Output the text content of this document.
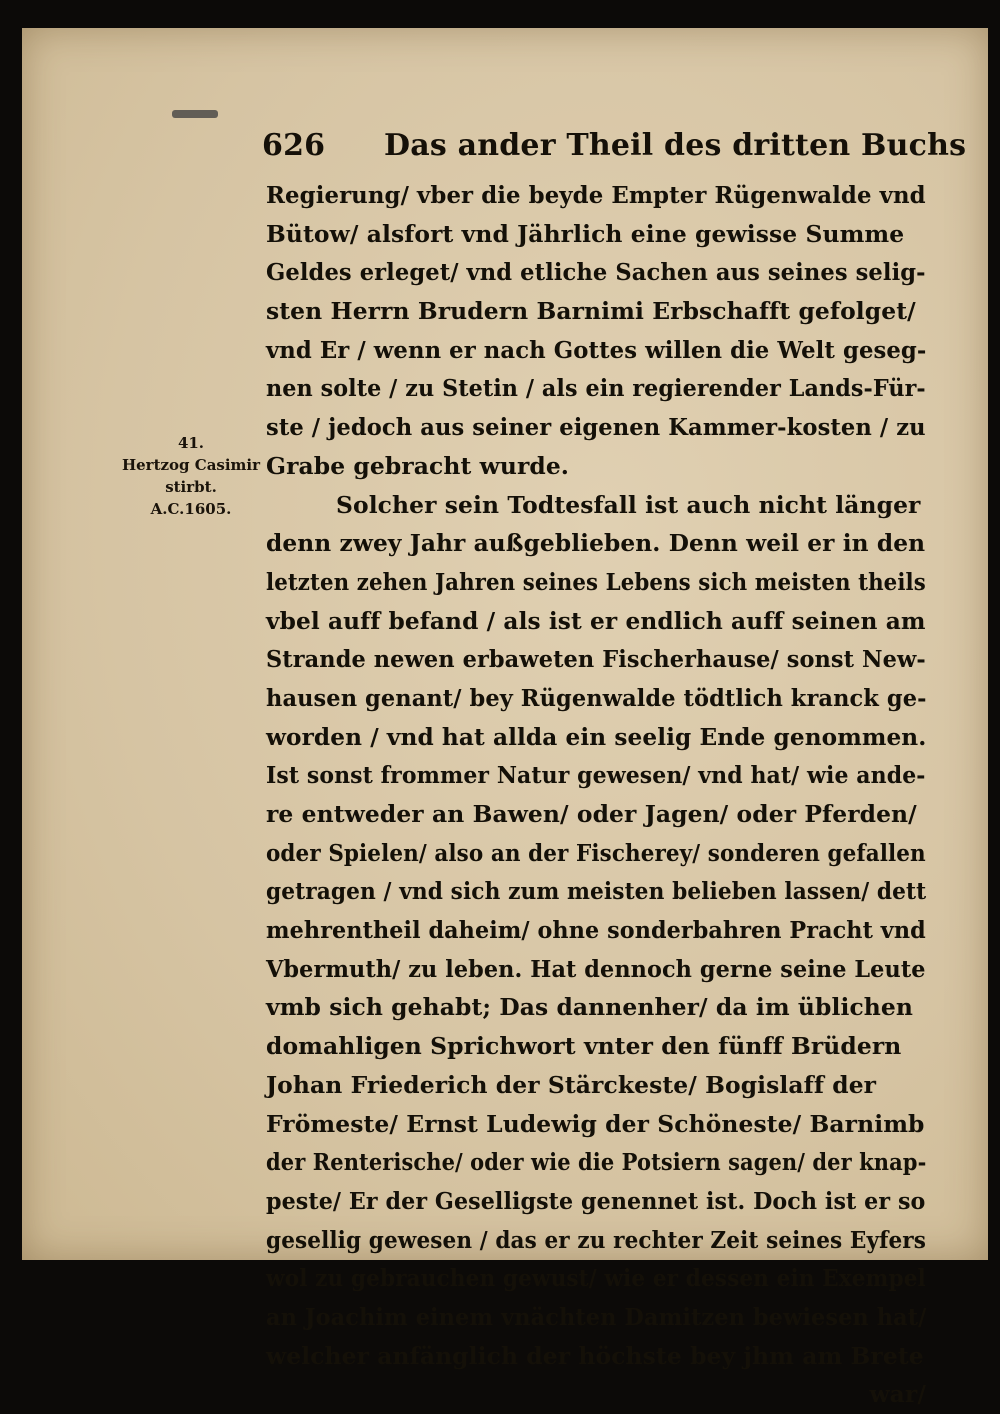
626 Das ander Theil des dritten Buchs
41.
Hertzog Casimir
stirbt.
A.C.1605.
Regierung/ vber die beyde Empter Rügenwalde vnd
Bütow/ alsfort vnd Jährlich eine gewisse Summe
Geldes erleget/ vnd etliche Sachen aus seines selig-
sten Herrn Brudern Barnimi Erbschafft gefolget/
vnd Er / wenn er nach Gottes willen die Welt geseg-
nen solte / zu Stetin / als ein regierender Lands-Für-
ste / jedoch aus seiner eigenen Kammer-kosten / zu
Grabe gebracht wurde.
Solcher sein Todtesfall ist auch nicht länger
denn zwey Jahr außgeblieben. Denn weil er in den
letzten zehen Jahren seines Lebens sich meisten theils
vbel auff befand / als ist er endlich auff seinen am
Strande newen erbaweten Fischerhause/ sonst New-
hausen genant/ bey Rügenwalde tödtlich kranck ge-
worden / vnd hat allda ein seelig Ende genommen.
Ist sonst frommer Natur gewesen/ vnd hat/ wie ande-
re entweder an Bawen/ oder Jagen/ oder Pferden/
oder Spielen/ also an der Fischerey/ sonderen gefallen
getragen / vnd sich zum meisten belieben lassen/ dett
mehrentheil daheim/ ohne sonderbahren Pracht vnd
Vbermuth/ zu leben. Hat dennoch gerne seine Leute
vmb sich gehabt; Das dannenher/ da im üblichen
domahligen Sprichwort vnter den fünff Brüdern
Johan Friederich der Stärckeste/ Bogislaff der
Frömeste/ Ernst Ludewig der Schöneste/ Barnimb
der Renterische/ oder wie die Potsiern sagen/ der knap-
peste/ Er der Geselligste genennet ist. Doch ist er so
gesellig gewesen / das er zu rechter Zeit seines Eyfers
wol zu gebrauchen gewust/ wie er dessen ein Exempel
an Joachim einem vnächten Damitzen bewiesen hat/
welcher anfänglich der höchste bey jhm am Brete
war/
